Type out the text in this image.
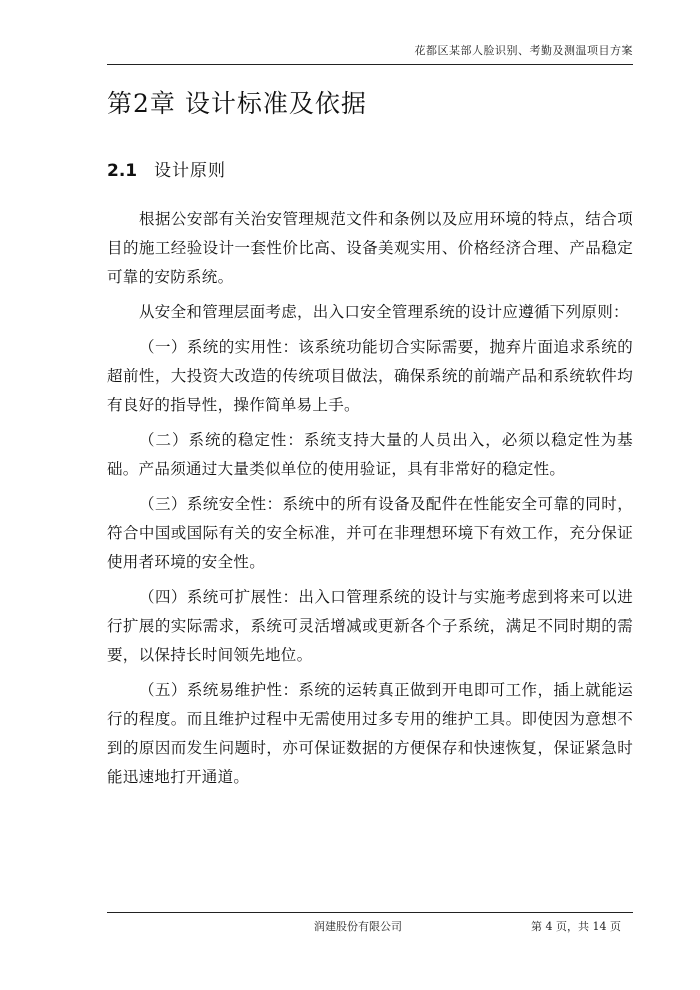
花都区某部人脸识别、考勤及测温项目方案
第2章 设计标准及依据
2.1 设计原则

根据公安部有关治安管理规范文件和条例以及应用环境的特点，结合项目的施工经验设计一套性价比高、设备美观实用、价格经济合理、产品稳定可靠的安防系统。

从安全和管理层面考虑，出入口安全管理系统的设计应遵循下列原则：

（一）系统的实用性：该系统功能切合实际需要，抛弃片面追求系统的超前性，大投资大改造的传统项目做法，确保系统的前端产品和系统软件均有良好的指导性，操作简单易上手。

（二）系统的稳定性：系统支持大量的人员出入，必须以稳定性为基础。产品须通过大量类似单位的使用验证，具有非常好的稳定性。

（三）系统安全性：系统中的所有设备及配件在性能安全可靠的同时，符合中国或国际有关的安全标准，并可在非理想环境下有效工作，充分保证使用者环境的安全性。

（四）系统可扩展性：出入口管理系统的设计与实施考虑到将来可以进行扩展的实际需求，系统可灵活增减或更新各个子系统，满足不同时期的需要，以保持长时间领先地位。

（五）系统易维护性：系统的运转真正做到开电即可工作，插上就能运行的程度。而且维护过程中无需使用过多专用的维护工具。即使因为意想不到的原因而发生问题时，亦可保证数据的方便保存和快速恢复，保证紧急时能迅速地打开通道。

润建股份有限公司	第 4 页，共 14 页
